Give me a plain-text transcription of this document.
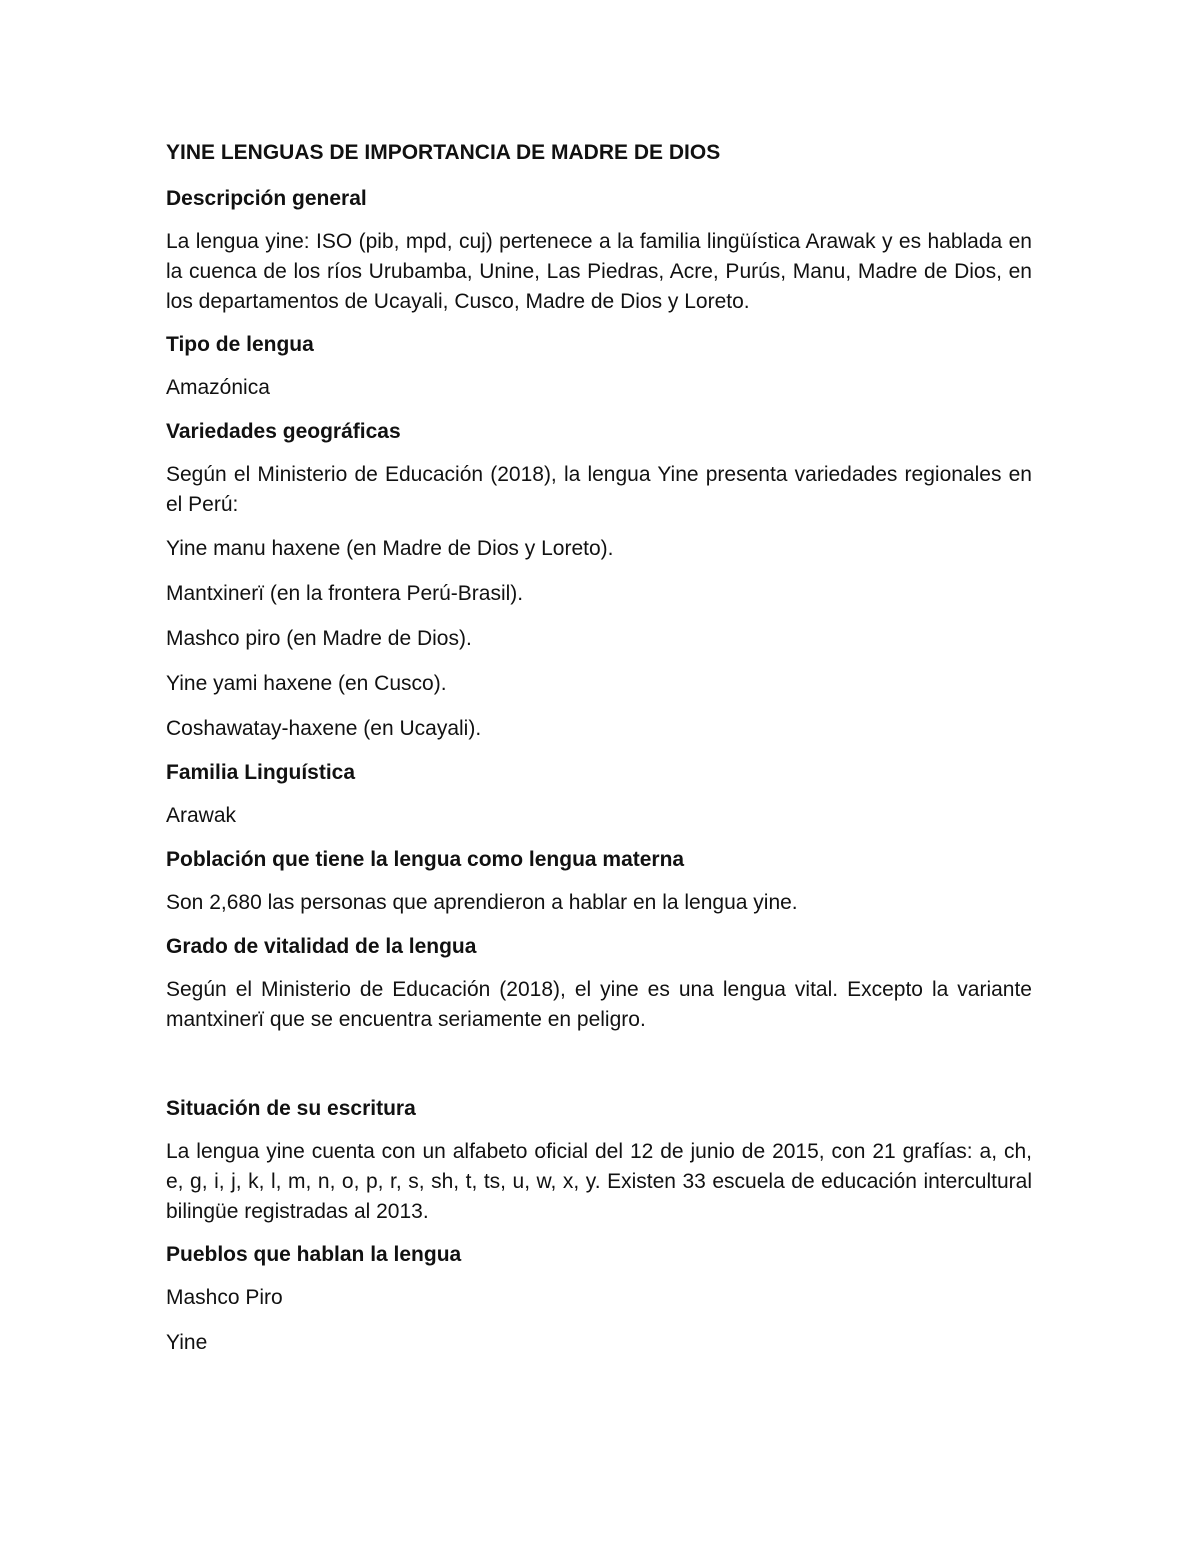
YINE LENGUAS DE IMPORTANCIA DE MADRE DE DIOS
Descripción general
La lengua yine: ISO (pib, mpd, cuj) pertenece a la familia lingüística Arawak y es hablada en la cuenca de los ríos Urubamba, Unine, Las Piedras, Acre, Purús, Manu, Madre de Dios, en los departamentos de Ucayali, Cusco, Madre de Dios y Loreto.
Tipo de lengua
Amazónica
Variedades geográficas
Según el Ministerio de Educación (2018), la lengua Yine presenta variedades regionales en el Perú:
Yine manu haxene (en Madre de Dios y Loreto).
Mantxinerï (en la frontera Perú-Brasil).
Mashco piro (en Madre de Dios).
Yine yami haxene (en Cusco).
Coshawatay-haxene (en Ucayali).
Familia Linguística
Arawak
Población que tiene la lengua como lengua materna
Son 2,680 las personas que aprendieron a hablar en la lengua yine.
Grado de vitalidad de la lengua
Según el Ministerio de Educación (2018), el yine es una lengua vital. Excepto la variante mantxinerï que se encuentra seriamente en peligro.
Situación de su escritura
La lengua yine cuenta con un alfabeto oficial del 12 de junio de 2015, con 21 grafías: a, ch, e, g, i, j, k, l, m, n, o, p, r, s, sh, t, ts, u, w, x, y. Existen 33 escuela de educación intercultural bilingüe registradas al 2013.
Pueblos que hablan la lengua
Mashco Piro
Yine
